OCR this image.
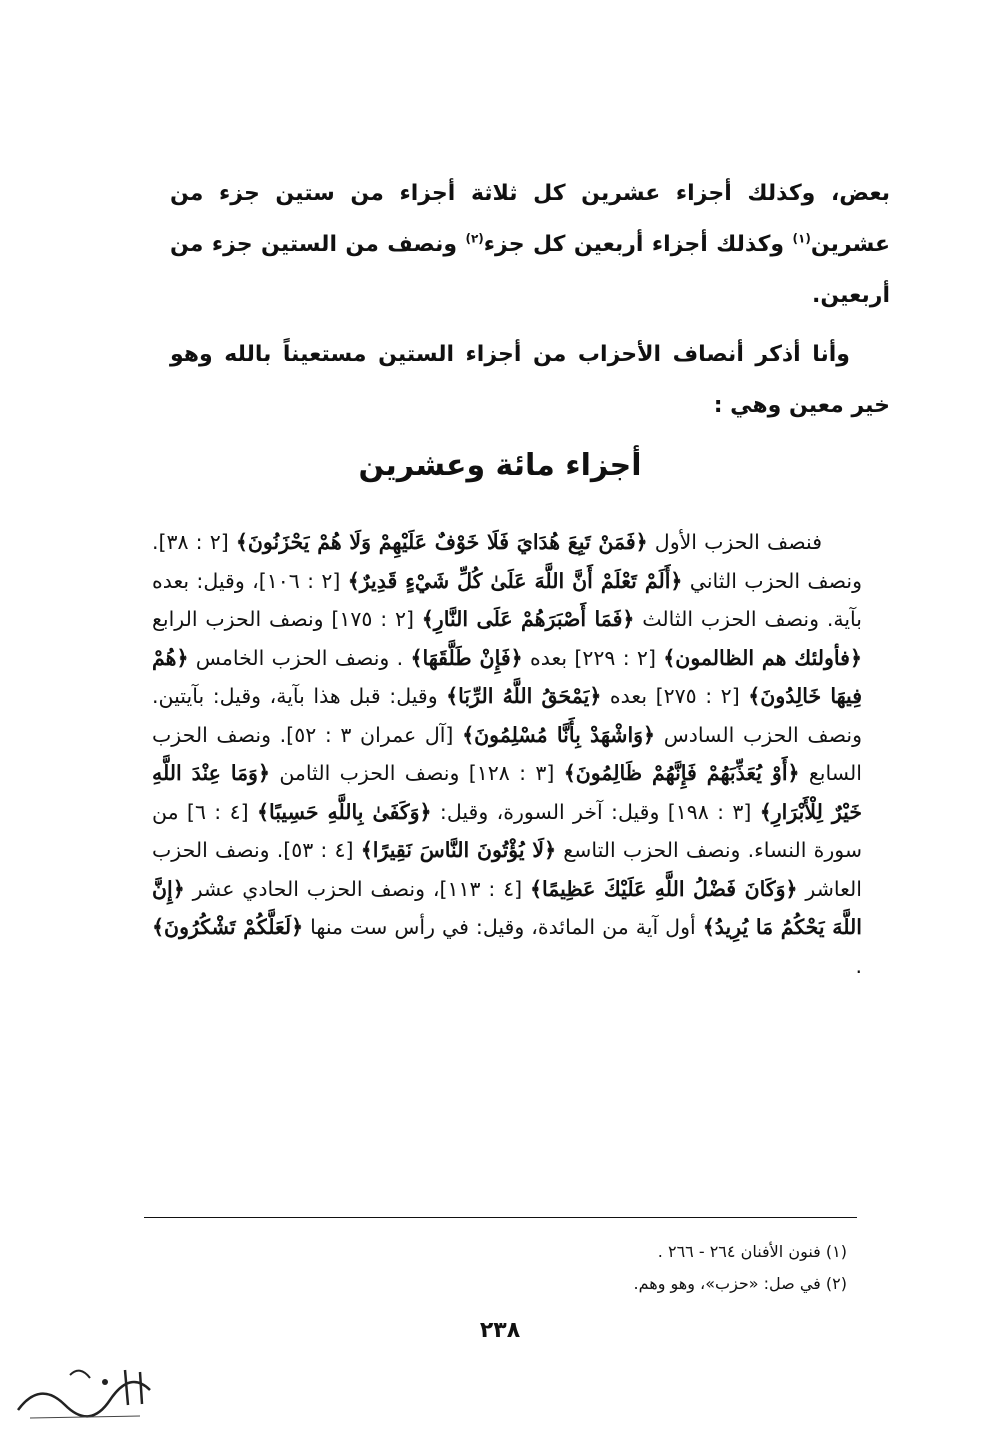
بعض، وكذلك أجزاء عشرين كل ثلاثة أجزاء من ستين جزء من عشرين$^{(١)}$ وكذلك أجزاء أربعين كل جزء$^{(٢)}$ ونصف من الستين جزء من أربعين.

وأنا أذكر أنصاف الأحزاب من أجزاء الستين مستعيناً بالله وهو خير معين وهي :

أجزاء مائة وعشرين

فنصف الحزب الأول ﴿فَمَنْ تَبِعَ هُدَايَ فَلَا خَوْفٌ عَلَيْهِمْ وَلَا هُمْ يَحْزَنُونَ﴾ [٢ : ٣٨]. ونصف الحزب الثاني ﴿أَلَمْ تَعْلَمْ أَنَّ اللَّهَ عَلَىٰ كُلِّ شَيْءٍ قَدِيرٌ﴾ [٢ : ١٠٦]، وقيل: بعده بآية. ونصف الحزب الثالث ﴿فَمَا أَصْبَرَهُمْ عَلَى النَّارِ﴾ [٢ : ١٧٥] ونصف الحزب الرابع ﴿فأولئك هم الظالمون﴾ [٢ : ٢٢٩] بعده ﴿فَإِنْ طَلَّقَهَا﴾ . ونصف الحزب الخامس ﴿هُمْ فِيهَا خَالِدُونَ﴾ [٢ : ٢٧٥] بعده ﴿يَمْحَقُ اللَّهُ الرِّبَا﴾ وقيل: قبل هذا بآية، وقيل: بآيتين. ونصف الحزب السادس ﴿وَاشْهَدْ بِأَنَّا مُسْلِمُونَ﴾ [آل عمران ٣ : ٥٢]. ونصف الحزب السابع ﴿أَوْ يُعَذِّبَهُمْ فَإِنَّهُمْ ظَالِمُونَ﴾ [٣ : ١٢٨] ونصف الحزب الثامن ﴿وَمَا عِنْدَ اللَّهِ خَيْرٌ لِلْأَبْرَارِ﴾ [٣ : ١٩٨] وقيل: آخر السورة، وقيل: ﴿وَكَفَىٰ بِاللَّهِ حَسِيبًا﴾ [٤ : ٦] من سورة النساء. ونصف الحزب التاسع ﴿لَا يُؤْتُونَ النَّاسَ نَقِيرًا﴾ [٤ : ٥٣]. ونصف الحزب العاشر ﴿وَكَانَ فَضْلُ اللَّهِ عَلَيْكَ عَظِيمًا﴾ [٤ : ١١٣]، ونصف الحزب الحادي عشر ﴿إِنَّ اللَّهَ يَحْكُمُ مَا يُرِيدُ﴾ أول آية من المائدة، وقيل: في رأس ست منها ﴿لَعَلَّكُمْ تَشْكُرُونَ﴾ .

(١) فنون الأفنان ٢٦٤ - ٢٦٦ .
(٢) في صل: «حزب»، وهو وهم.
٢٣٨
